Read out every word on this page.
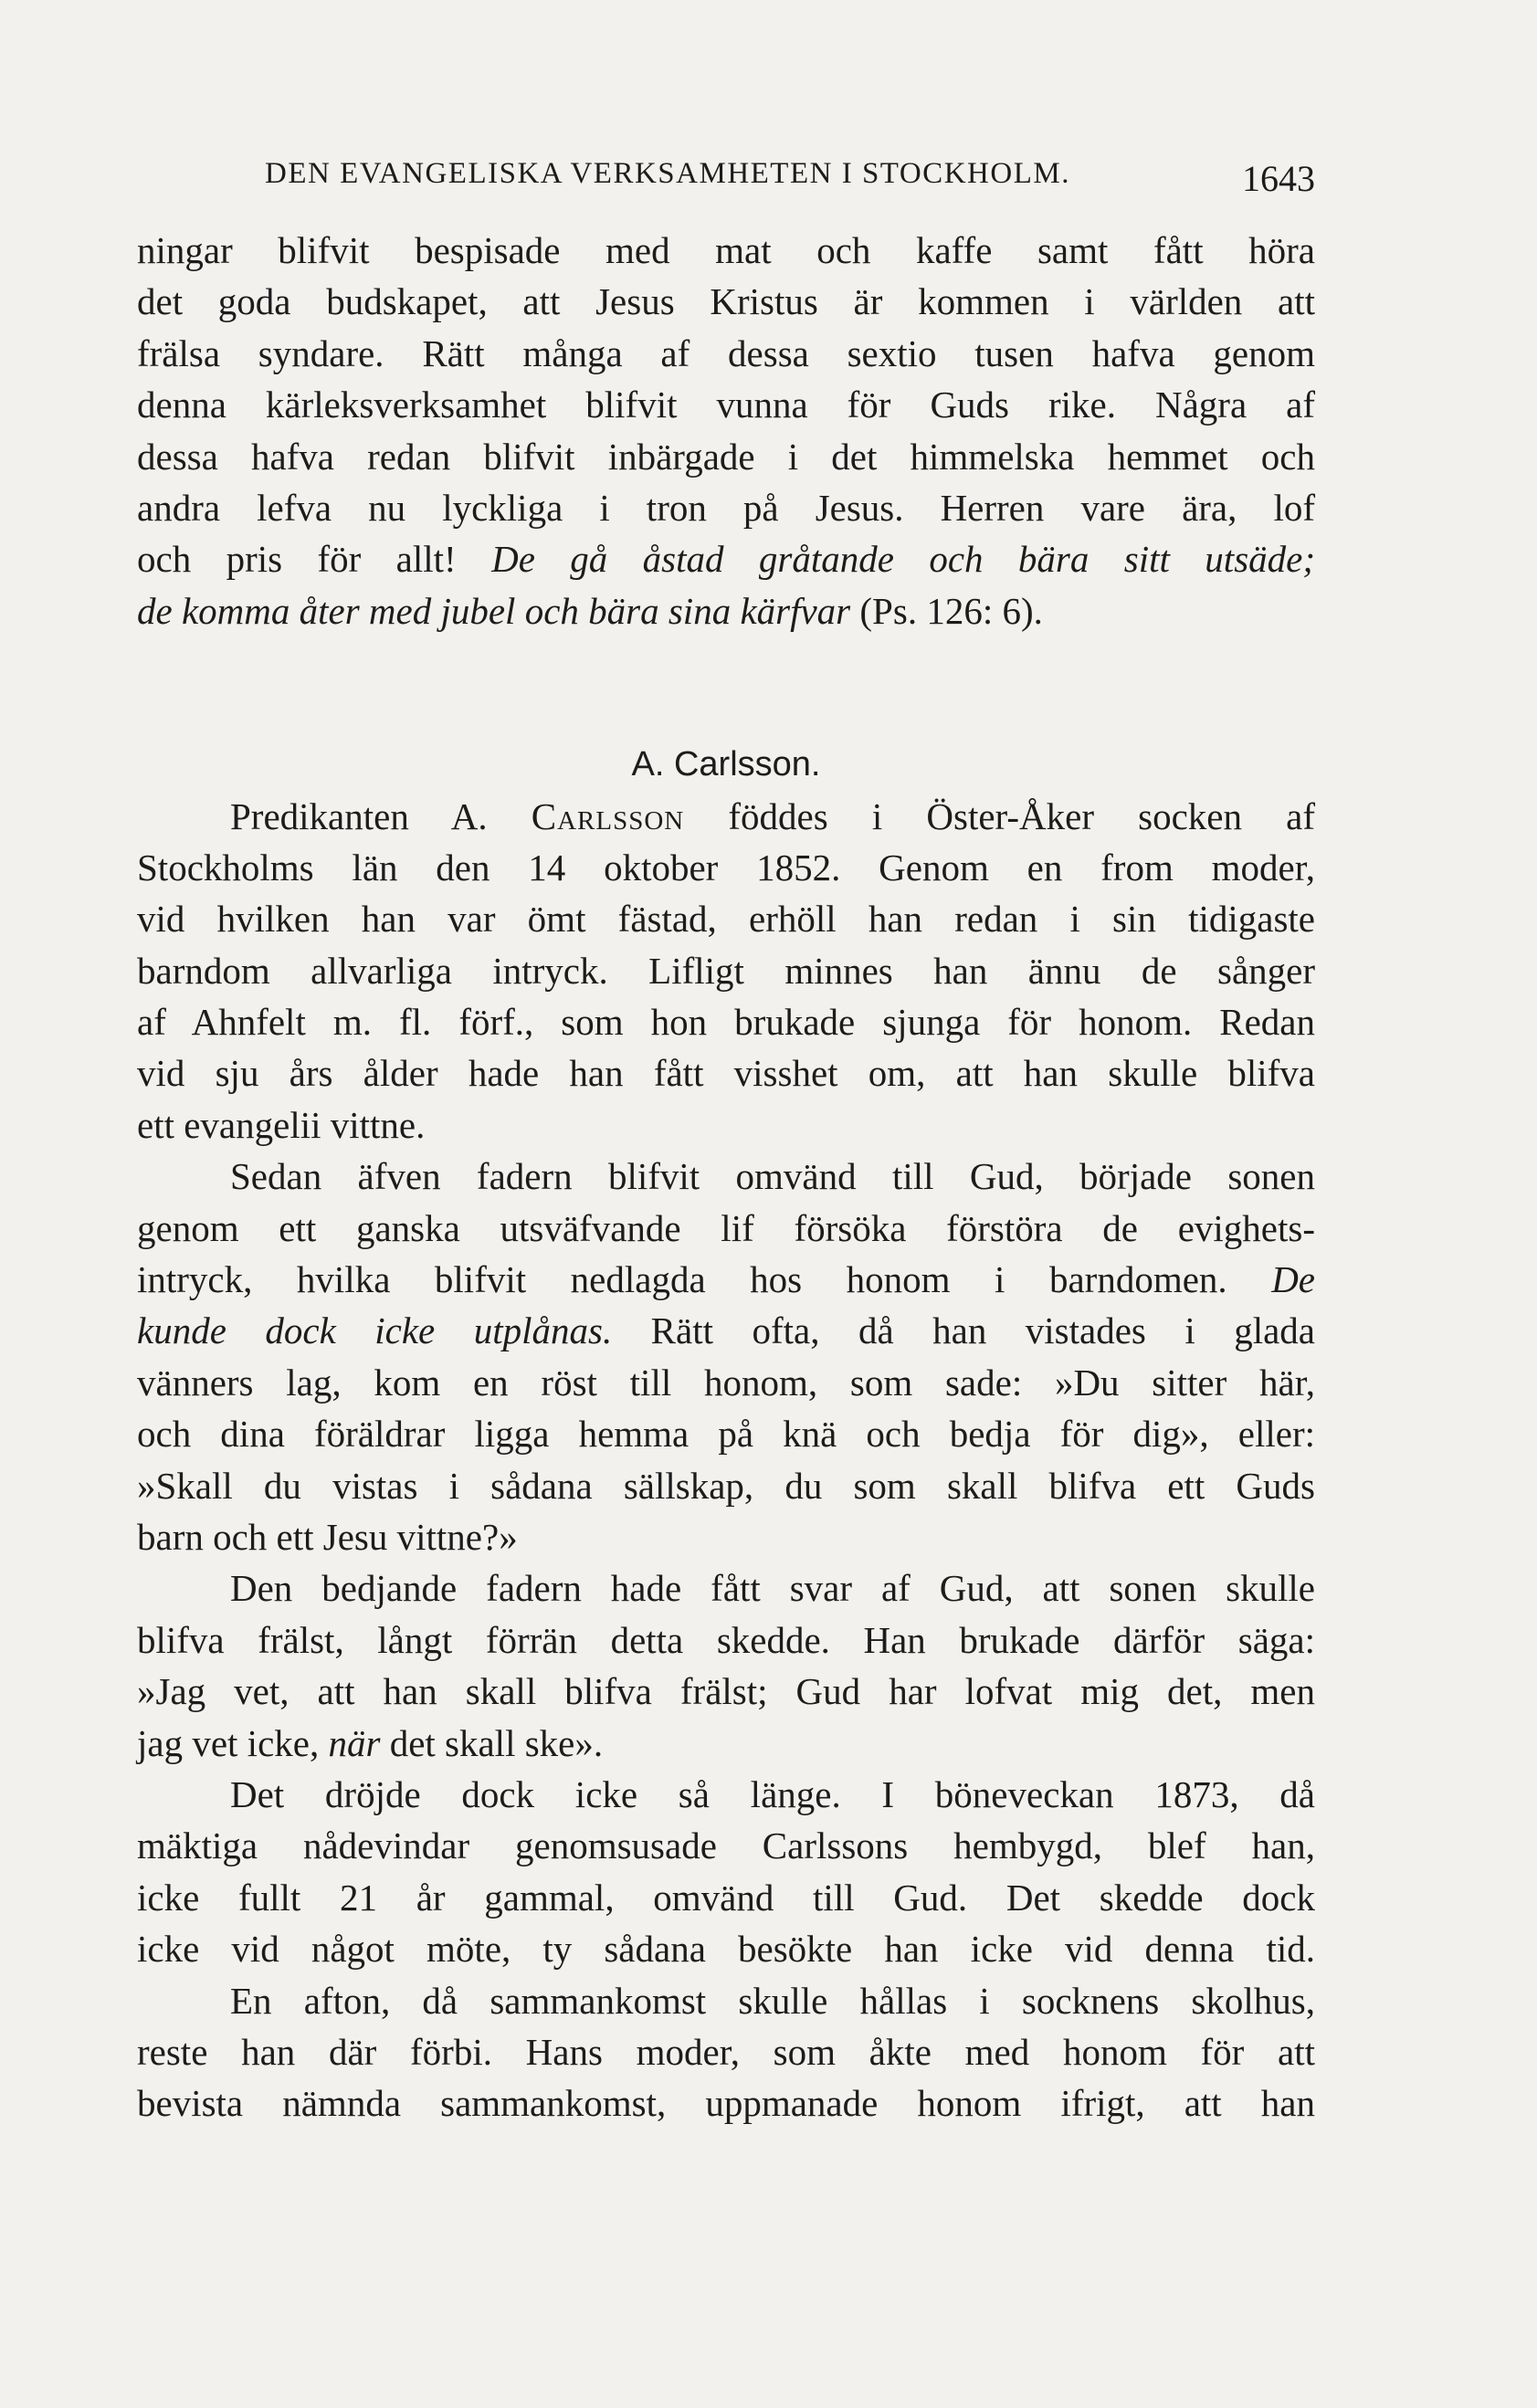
DEN EVANGELISKA VERKSAMHETEN I STOCKHOLM.	1643
ningar blifvit bespisade med mat och kaffe samt fått höra
det goda budskapet, att Jesus Kristus är kommen i världen att
frälsa syndare. Rätt många af dessa sextio tusen hafva genom
denna kärleksverksamhet blifvit vunna för Guds rike. Några af
dessa hafva redan blifvit inbärgade i det himmelska hemmet och
andra lefva nu lyckliga i tron på Jesus. Herren vare ära, lof
och pris för allt! De gå åstad gråtande och bära sitt utsäde;
de komma åter med jubel och bära sina kärfvar (Ps. 126: 6).
A. Carlsson.
Predikanten A. Carlsson föddes i Öster-Åker socken af
Stockholms län den 14 oktober 1852. Genom en from moder,
vid hvilken han var ömt fästad, erhöll han redan i sin tidigaste
barndom allvarliga intryck. Lifligt minnes han ännu de sånger
af Ahnfelt m. fl. förf., som hon brukade sjunga för honom. Redan
vid sju års ålder hade han fått visshet om, att han skulle blifva
ett evangelii vittne.
Sedan äfven fadern blifvit omvänd till Gud, började sonen
genom ett ganska utsväfvande lif försöka förstöra de evighets-
intryck, hvilka blifvit nedlagda hos honom i barndomen. De
kunde dock icke utplånas. Rätt ofta, då han vistades i glada
vänners lag, kom en röst till honom, som sade: »Du sitter här,
och dina föräldrar ligga hemma på knä och bedja för dig», eller:
»Skall du vistas i sådana sällskap, du som skall blifva ett Guds
barn och ett Jesu vittne?»
Den bedjande fadern hade fått svar af Gud, att sonen skulle
blifva frälst, långt förrän detta skedde. Han brukade därför säga:
»Jag vet, att han skall blifva frälst; Gud har lofvat mig det, men
jag vet icke, när det skall ske».
Det dröjde dock icke så länge. I böneveckan 1873, då
mäktiga nådevindar genomsusade Carlssons hembygd, blef han,
icke fullt 21 år gammal, omvänd till Gud. Det skedde dock
icke vid något möte, ty sådana besökte han icke vid denna tid.
En afton, då sammankomst skulle hållas i socknens skolhus,
reste han där förbi. Hans moder, som åkte med honom för att
bevista nämnda sammankomst, uppmanade honom ifrigt, att han
